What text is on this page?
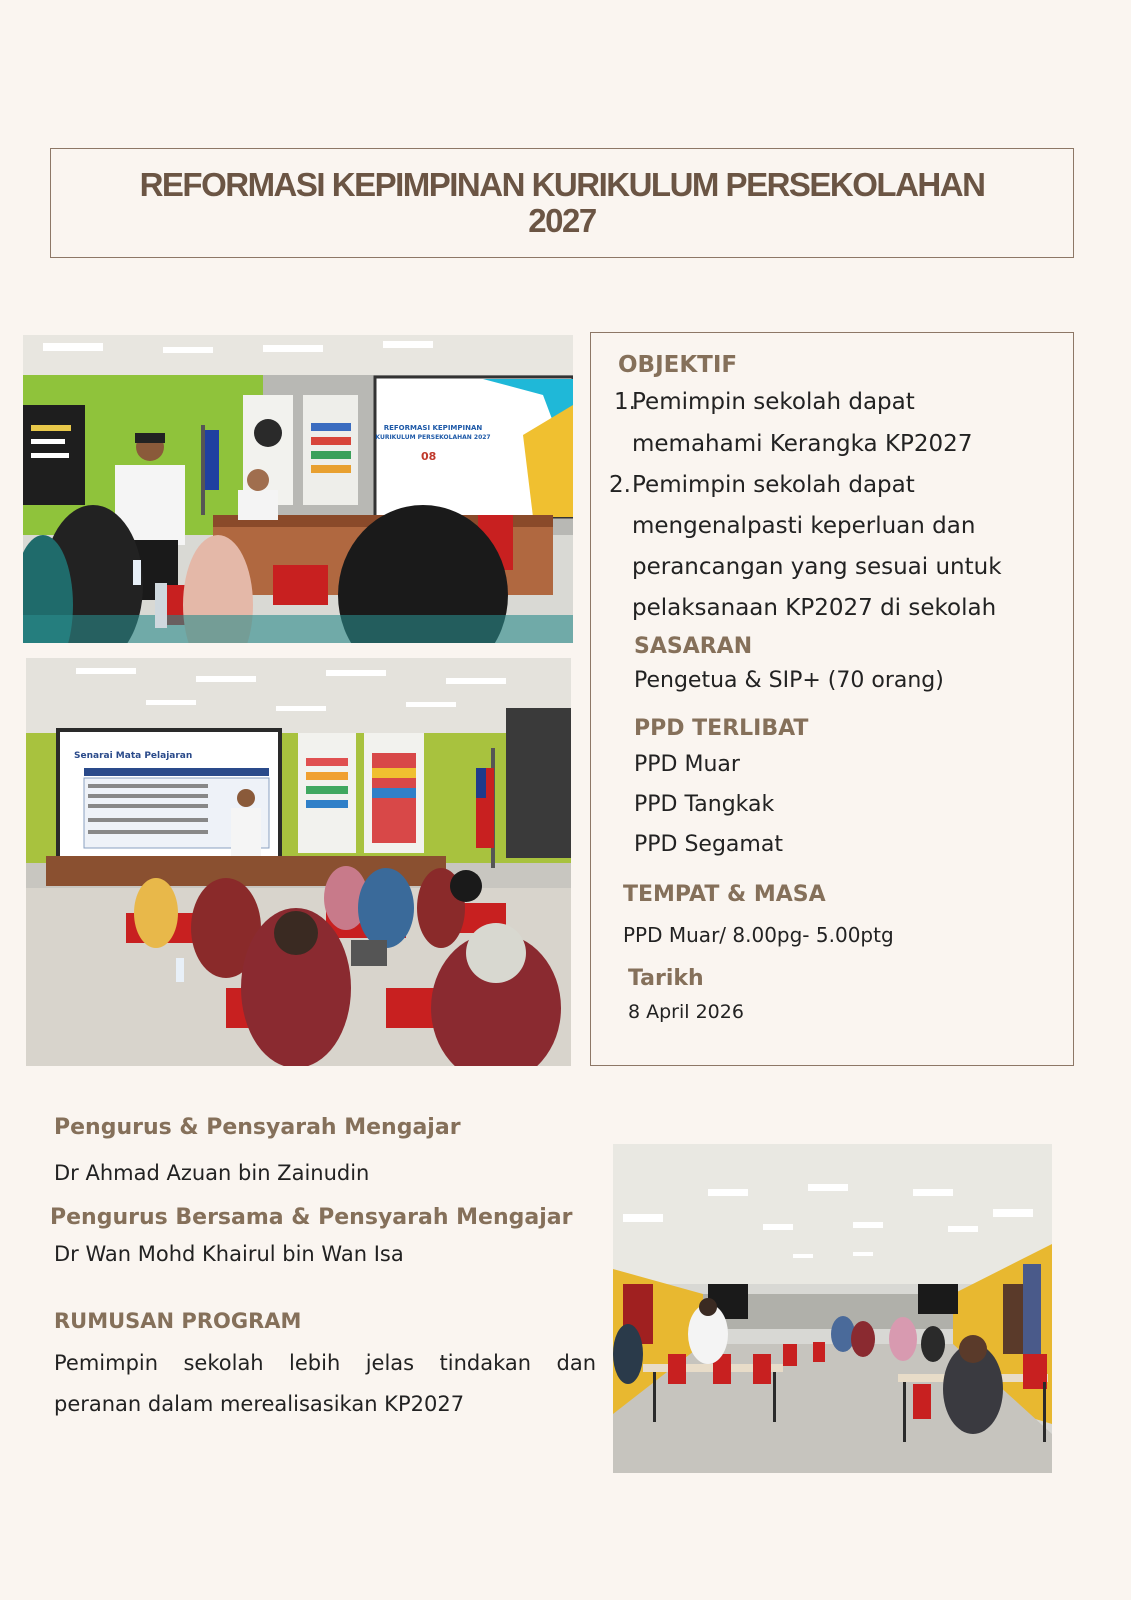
REFORMASI KEPIMPINAN KURIKULUM PERSEKOLAHAN
2027
REFORMASI KEPIMPINAN
KURIKULUM PERSEKOLAHAN 2027
08
Senarai Mata Pelajaran
OBJEKTIF
1.
Pemimpin sekolah dapat
memahami Kerangka KP2027
2. Pemimpin sekolah dapat
mengenalpasti keperluan dan
perancangan yang sesuai untuk
pelaksanaan KP2027 di sekolah
SASARAN
Pengetua & SIP+ (70 orang)
PPD TERLIBAT
PPD Muar
PPD Tangkak
PPD Segamat
TEMPAT & MASA
PPD Muar/ 8.00pg- 5.00ptg
Tarikh
8 April 2026
Pengurus & Pensyarah Mengajar
Dr Ahmad Azuan bin Zainudin
Pengurus Bersama & Pensyarah Mengajar
Dr Wan Mohd Khairul bin Wan Isa
RUMUSAN PROGRAM
Pemimpin sekolah lebih jelas tindakan dan
peranan dalam merealisasikan KP2027
